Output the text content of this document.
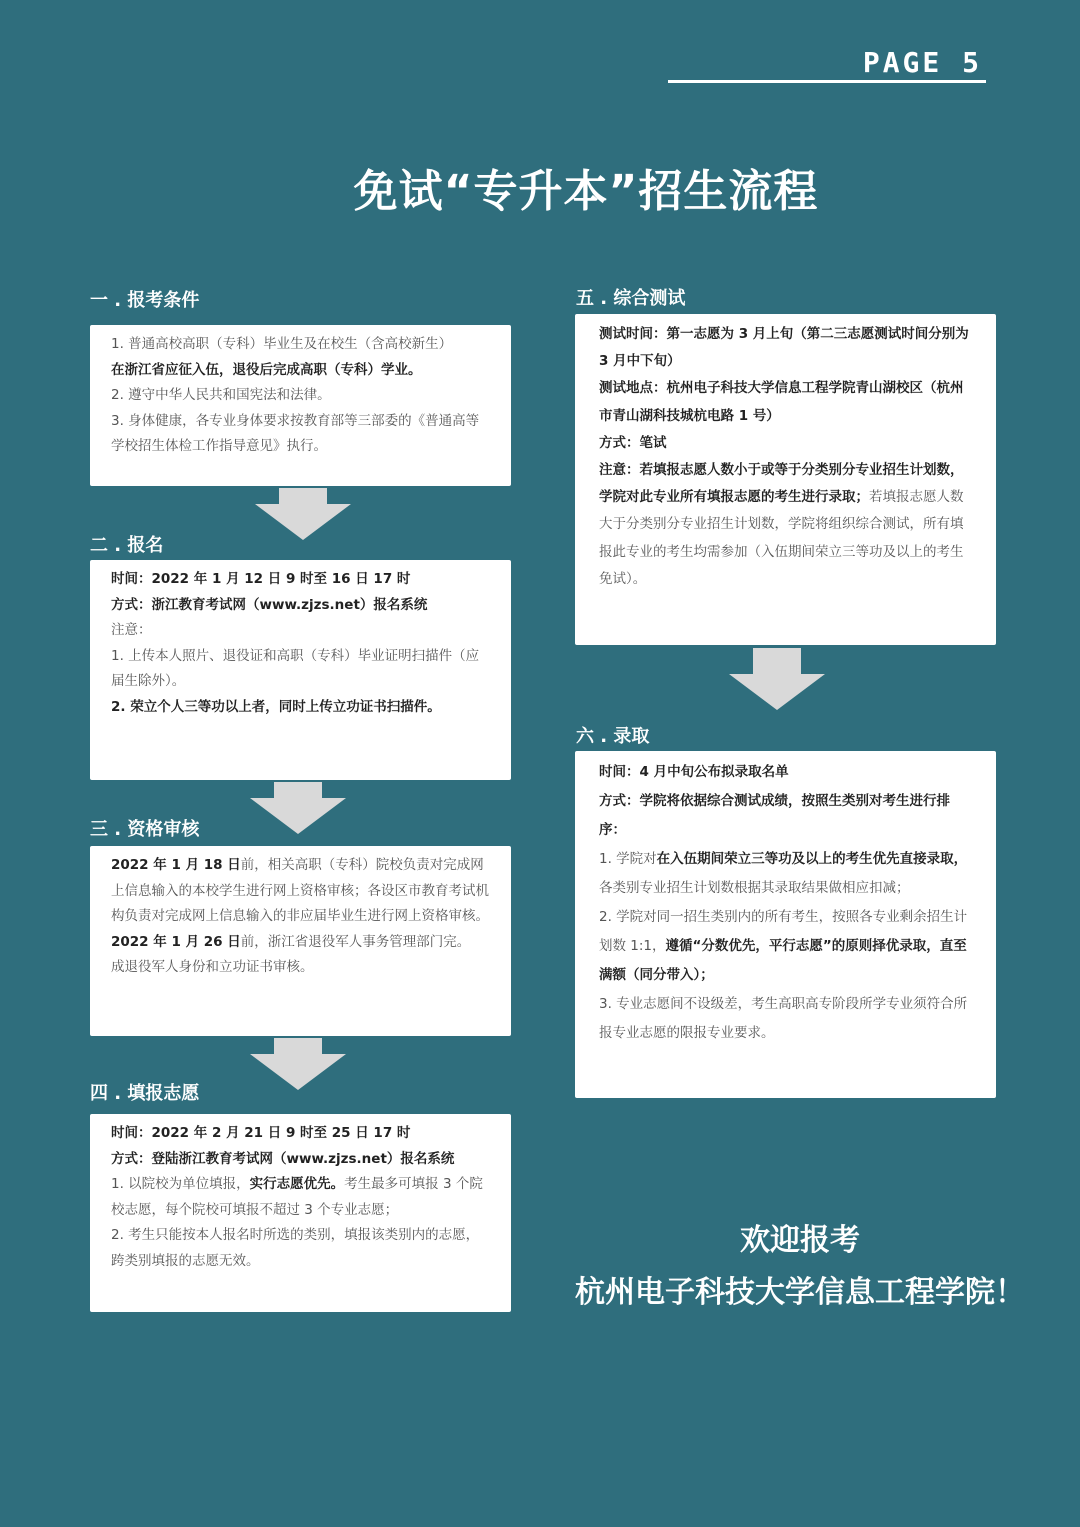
PAGE 5
免试“专升本”招生流程
一 . 报考条件

1. 普通高校高职（专科）毕业生及在校生（含高校新生）

在浙江省应征入伍，退役后完成高职（专科）学业。

2. 遵守中华人民共和国宪法和法律。

3. 身体健康，各专业身体要求按教育部等三部委的《普通高等学校招生体检工作指导意见》执行。

二 . 报名

时间：2022 年 1 月 12 日 9 时至 16 日 17 时

方式：浙江教育考试网（www.zjzs.net）报名系统

注意：

1. 上传本人照片、退役证和高职（专科）毕业证明扫描件（应届生除外）。

2. 荣立个人三等功以上者，同时上传立功证书扫描件。

三 . 资格审核

2022 年 1 月 18 日前，相关高职（专科）院校负责对完成网上信息输入的本校学生进行网上资格审核；各设区市教育考试机构负责对完成网上信息输入的非应届毕业生进行网上资格审核。

2022 年 1 月 26 日前，浙江省退役军人事务管理部门完。

成退役军人身份和立功证书审核。

四 . 填报志愿

时间：2022 年 2 月 21 日 9 时至 25 日 17 时

方式：登陆浙江教育考试网（www.zjzs.net）报名系统

1. 以院校为单位填报，实行志愿优先。考生最多可填报 3 个院校志愿，每个院校可填报不超过 3 个专业志愿；

2. 考生只能按本人报名时所选的类别，填报该类别内的志愿，跨类别填报的志愿无效。

五 . 综合测试

测试时间：第一志愿为 3 月上旬（第二三志愿测试时间分别为 3 月中下旬）

测试地点：杭州电子科技大学信息工程学院青山湖校区（杭州市青山湖科技城杭电路 1 号）

方式：笔试

注意：若填报志愿人数小于或等于分类别分专业招生计划数，学院对此专业所有填报志愿的考生进行录取；若填报志愿人数大于分类别分专业招生计划数，学院将组织综合测试，所有填报此专业的考生均需参加（入伍期间荣立三等功及以上的考生免试）。

六 . 录取

时间：4 月中旬公布拟录取名单

方式：学院将依据综合测试成绩，按照生类别对考生进行排序：

1. 学院对在入伍期间荣立三等功及以上的考生优先直接录取，各类别专业招生计划数根据其录取结果做相应扣减；

2. 学院对同一招生类别内的所有考生，按照各专业剩余招生计划数 1:1，遵循“分数优先，平行志愿”的原则择优录取，直至满额（同分带入）；

3. 专业志愿间不设级差，考生高职高专阶段所学专业须符合所报专业志愿的限报专业要求。

欢迎报考
杭州电子科技大学信息工程学院！
